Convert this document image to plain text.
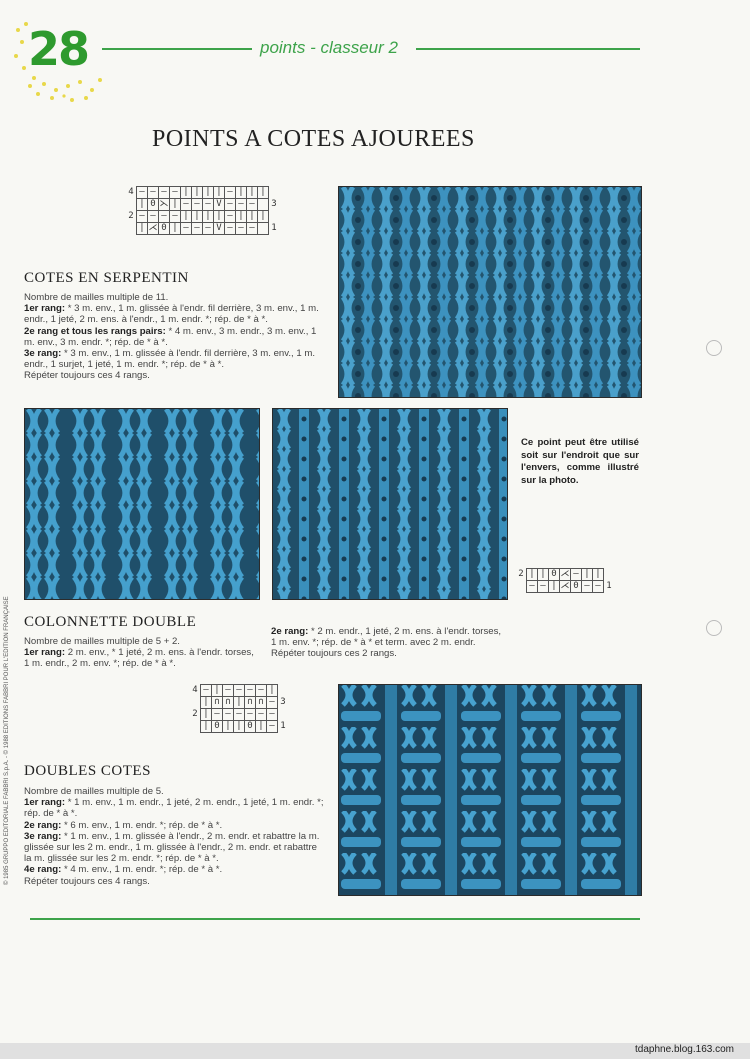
28	points - classeur 2
POINTS A COTES AJOUREES
4	–	–	–	–	|	|	|	|	–	|	|	|	
	|	0	⋋	|	–	–	–	V	–	–	–		3
2	–	–	–	–	|	|	|	|	–	|	|	|	
	|	⋌	0	|	–	–	–	V	–	–	–		1
COTES EN SERPENTIN
Nombre de mailles multiple de 11.
1er rang: * 3 m. env., 1 m. glissée à l'endr. fil derrière, 3 m. env., 1 m. endr., 1 jeté, 2 m. ens. à l'endr., 1 m. endr. *; rép. de * à *.
2e rang et tous les rangs pairs: * 4 m. env., 3 m. endr., 3 m. env., 1 m. env., 3 m. endr. *; rép. de * à *.
3e rang: * 3 m. env., 1 m. glissée à l'endr. fil derrière, 3 m. env., 1 m. endr., 1 surjet, 1 jeté, 1 m. endr. *; rép. de * à *.
Répéter toujours ces 4 rangs.
Ce point peut être utilisé soit sur l'endroit que sur l'envers, comme illustré sur la photo.
2	|	|	0	⋌	–	|	|	
	–	–	|	⋌	0	–	–	1
COLONNETTE DOUBLE
Nombre de mailles multiple de 5 + 2.
1er rang: 2 m. env., * 1 jeté, 2 m. ens. à l'endr. torses, 1 m. endr., 2 m. env. *; rép. de * à *.
2e rang: * 2 m. endr., 1 jeté, 2 m. ens. à l'endr. torses, 1 m. env. *; rép. de * à * et term. avec 2 m. endr.
Répéter toujours ces 2 rangs.
4	–	|	–	–	–	–	|	
	|	∩	∩	|	∩	∩	–	3
2	|	–	–	–	–	–	–	
	|	0	|	|	0	|	–	1
DOUBLES COTES
Nombre de mailles multiple de 5.
1er rang: * 1 m. env., 1 m. endr., 1 jeté, 2 m. endr., 1 jeté, 1 m. endr. *; rép. de * à *.
2e rang: * 6 m. env., 1 m. endr. *; rép. de * à *.
3e rang: * 1 m. env., 1 m. glissée à l'endr., 2 m. endr. et rabattre la m. glissée sur les 2 m. endr., 1 m. glissée à l'endr., 2 m. endr. et rabattre la m. glissée sur les 2 m. endr. *; rép. de * à *.
4e rang: * 4 m. env., 1 m. endr. *; rép. de * à *.
Répéter toujours ces 4 rangs.
© 1985 GRUPPO EDITORIALE FABBRI S.p.A. - © 1988 EDITIONS FABBRI POUR L'EDITION FRANÇAISE
tdaphne.blog.163.com
